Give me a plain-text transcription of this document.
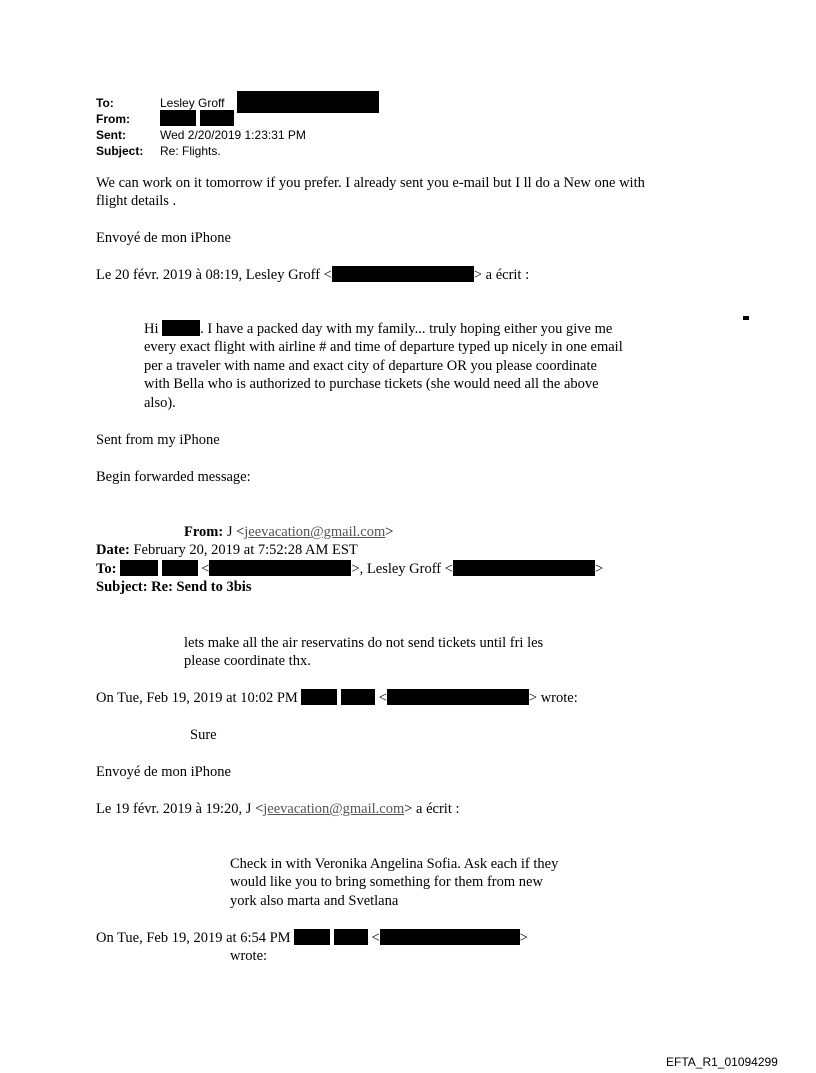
To:	Lesley Groff
From:
Sent:	Wed 2/20/2019 1:23:31 PM
Subject: Re: Flights.
We can work on it tomorrow if you prefer. I already sent you e-mail but I ll do a New one with
flight details .
Envoyé de mon iPhone
Le 20 févr. 2019 à 08:19, Lesley Groff <	> a écrit :
Hi	. I have a packed day with my family... truly hoping either you give me
every exact flight with airline # and time of departure typed up nicely in one email
per a traveler with name and exact city of departure OR you please coordinate
with Bella who is authorized to purchase tickets (she would need all the above
also).
Sent from my iPhone
Begin forwarded message:
From: J <jeevacation@gmail.com>
Date: February 20, 2019 at 7:52:28 AM EST
To:	<	>, Lesley Groff <	>
Subject: Re: Send to 3bis
lets make all the air reservatins do not send tickets until fri les
please coordinate thx.
On Tue, Feb 19, 2019 at 10:02 PM	<	> wrote:
Sure
Envoyé de mon iPhone
Le 19 févr. 2019 à 19:20, J <jeevacation@gmail.com> a écrit :
Check in with Veronika Angelina Sofia. Ask each if they
would like you to bring something for them from new
york also marta and Svetlana
On Tue, Feb 19, 2019 at 6:54 PM	<	>
wrote:
EFTA_R1_01094299
